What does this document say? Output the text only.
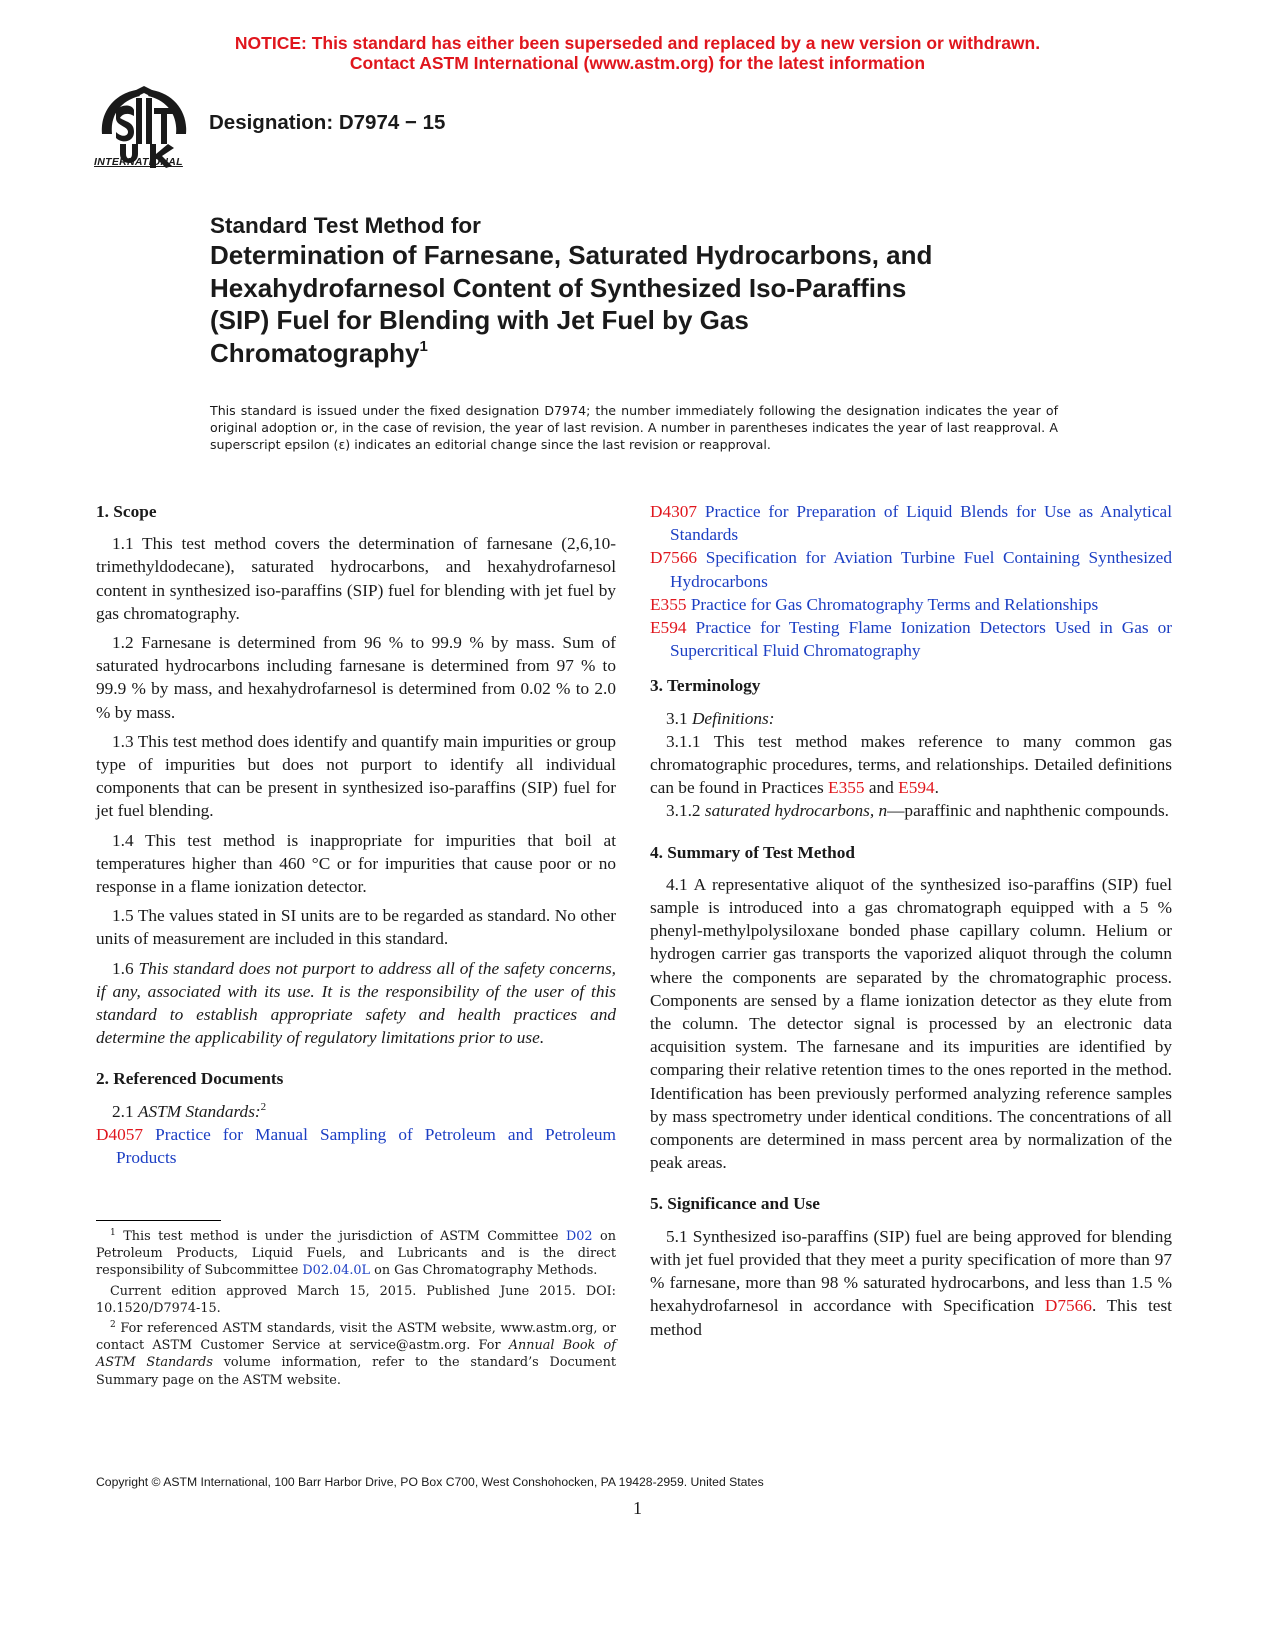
NOTICE: This standard has either been superseded and replaced by a new version or withdrawn.
Contact ASTM International (www.astm.org) for the latest information
INTERNATIONAL
Designation: D7974 − 15
Standard Test Method for
Determination of Farnesane, Saturated Hydrocarbons, and
Hexahydrofarnesol Content of Synthesized Iso-Paraffins
(SIP) Fuel for Blending with Jet Fuel by Gas
Chromatography$^1$
This standard is issued under the fixed designation D7974; the number immediately following the designation indicates the year of original adoption or, in the case of revision, the year of last revision. A number in parentheses indicates the year of last reapproval. A superscript epsilon (ε) indicates an editorial change since the last revision or reapproval.
1. Scope

1.1 This test method covers the determination of farnesane (2,6,10-trimethyldodecane), saturated hydrocarbons, and hexahydrofarnesol content in synthesized iso-paraffins (SIP) fuel for blending with jet fuel by gas chromatography.

1.2 Farnesane is determined from 96 % to 99.9 % by mass. Sum of saturated hydrocarbons including farnesane is determined from 97 % to 99.9 % by mass, and hexahydrofarnesol is determined from 0.02 % to 2.0 % by mass.

1.3 This test method does identify and quantify main impurities or group type of impurities but does not purport to identify all individual components that can be present in synthesized iso-paraffins (SIP) fuel for jet fuel blending.

1.4 This test method is inappropriate for impurities that boil at temperatures higher than 460 °C or for impurities that cause poor or no response in a flame ionization detector.

1.5 The values stated in SI units are to be regarded as standard. No other units of measurement are included in this standard.

1.6 This standard does not purport to address all of the safety concerns, if any, associated with its use. It is the responsibility of the user of this standard to establish appropriate safety and health practices and determine the applicability of regulatory limitations prior to use.

2. Referenced Documents

2.1 ASTM Standards:$^2$

D4057 Practice for Manual Sampling of Petroleum and Petroleum Products

$^1$ This test method is under the jurisdiction of ASTM Committee D02 on Petroleum Products, Liquid Fuels, and Lubricants and is the direct responsibility of Subcommittee D02.04.0L on Gas Chromatography Methods.

Current edition approved March 15, 2015. Published June 2015. DOI: 10.1520/D7974-15.

$^2$ For referenced ASTM standards, visit the ASTM website, www.astm.org, or contact ASTM Customer Service at service@astm.org. For Annual Book of ASTM Standards volume information, refer to the standard’s Document Summary page on the ASTM website.

D4307 Practice for Preparation of Liquid Blends for Use as Analytical Standards

D7566 Specification for Aviation Turbine Fuel Containing Synthesized Hydrocarbons

E355 Practice for Gas Chromatography Terms and Relationships

E594 Practice for Testing Flame Ionization Detectors Used in Gas or Supercritical Fluid Chromatography

3. Terminology

3.1 Definitions:

3.1.1 This test method makes reference to many common gas chromatographic procedures, terms, and relationships. Detailed definitions can be found in Practices E355 and E594.

3.1.2 saturated hydrocarbons, n—paraffinic and naphthenic compounds.

4. Summary of Test Method

4.1 A representative aliquot of the synthesized iso-paraffins (SIP) fuel sample is introduced into a gas chromatograph equipped with a 5 % phenyl-methylpolysiloxane bonded phase capillary column. Helium or hydrogen carrier gas transports the vaporized aliquot through the column where the components are separated by the chromatographic process. Components are sensed by a flame ionization detector as they elute from the column. The detector signal is processed by an electronic data acquisition system. The farnesane and its impurities are identified by comparing their relative retention times to the ones reported in the method. Identification has been previously performed analyzing reference samples by mass spectrometry under identical conditions. The concentrations of all components are determined in mass percent area by normalization of the peak areas.

5. Significance and Use

5.1 Synthesized iso-paraffins (SIP) fuel are being approved for blending with jet fuel provided that they meet a purity specification of more than 97 % farnesane, more than 98 % saturated hydrocarbons, and less than 1.5 % hexahydrofarnesol in accordance with Specification D7566. This test method

Copyright © ASTM International, 100 Barr Harbor Drive, PO Box C700, West Conshohocken, PA 19428-2959. United States
1
